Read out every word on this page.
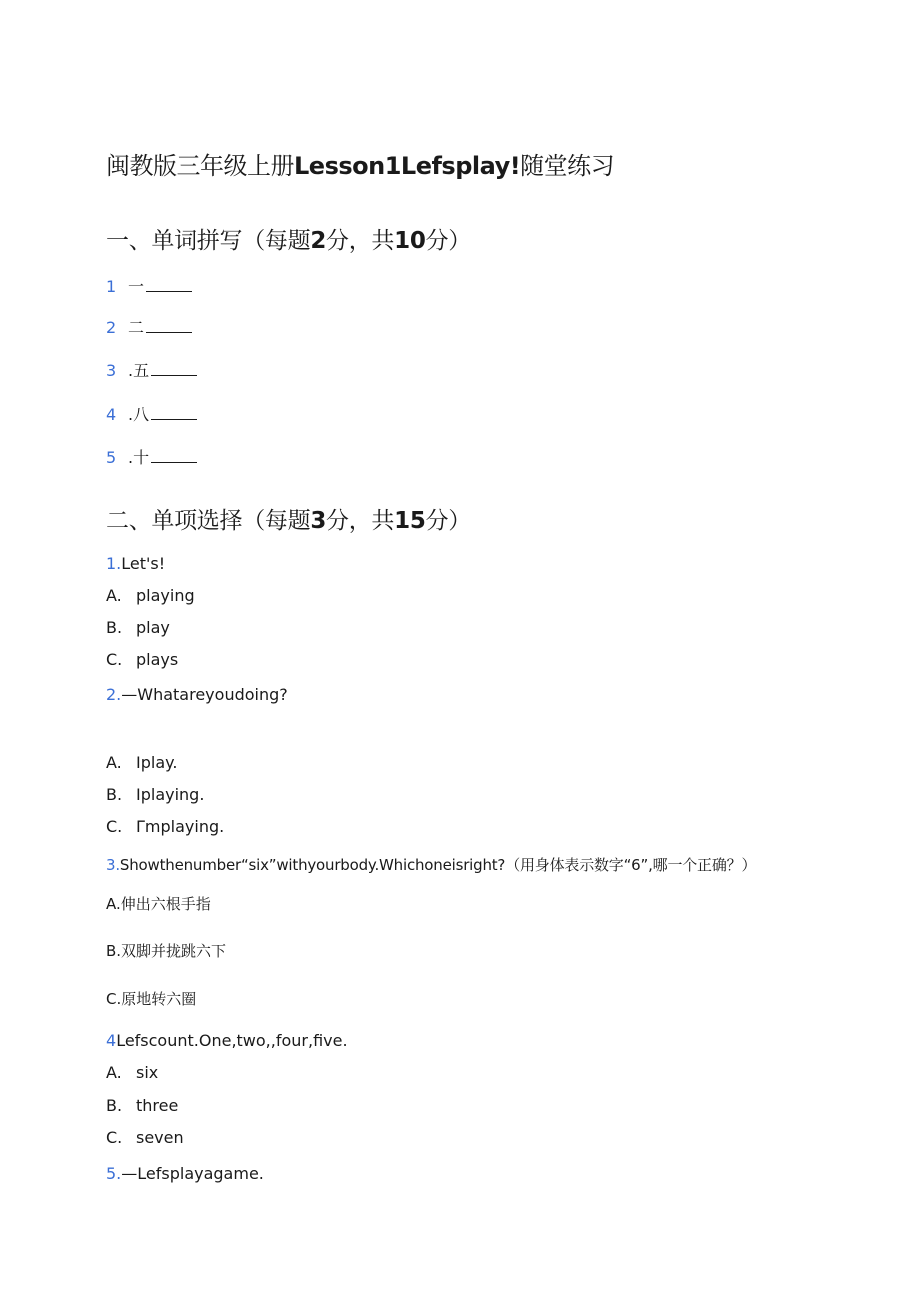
闽教版三年级上册Lesson1Lefsplay!随堂练习
一、单词拼写（每题2分，共10分）
1 一
2 二
3 .五
4 .八
5 .十
二、单项选择（每题3分，共15分）
1.Let's!
A. playing
B. play
C. plays
2.—Whatareyoudoing?
A. Iplay.
B. Iplaying.
C. Γmplaying.
3.Showthenumber“six”withyourbody.Whichoneisright?（用身体表示数字“6”,哪一个正确？）
A.伸出六根手指
B.双脚并拢跳六下
C.原地转六圈
4Lefscount.One,two,,four,five.
A. six
B. three
C. seven
5.—Lefsplayagame.
